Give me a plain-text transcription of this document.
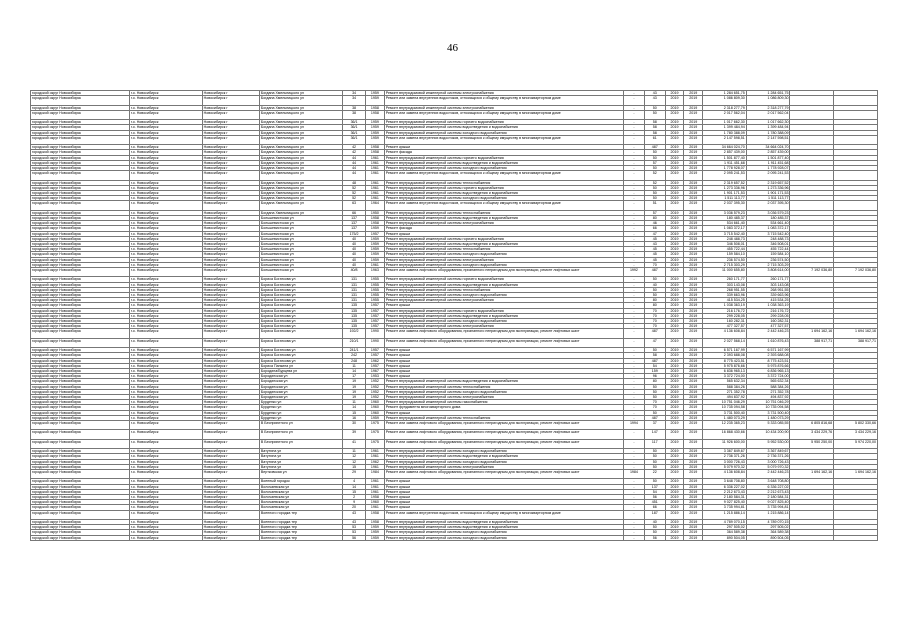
46
городской округ Новосибирск	г.о. Новосибирск	Новосибирск г	Богдана Хмельницкого ул	34	1959	Ремонт внутридомовой инженерной системы электроснабжения	-	43	2019	2019	1 284 651,75	1 284 651,75		
городской округ Новосибирск	г.о. Новосибирск	Новосибирск г	Богдана Хмельницкого ул	34	1959	Ремонт или замена внутренних водостоков, относящихся к общему имуществу в многоквартирном доме	-	43	2019	2019	1 086 809,30	1 086 809,30		
городской округ Новосибирск	г.о. Новосибирск	Новосибирск г	Богдана Хмельницкого ул	38	1958	Ремонт внутридомовой инженерной системы электроснабжения	-	50	2019	2019	2 318 277,79	2 318 277,79		
городской округ Новосибирск	г.о. Новосибирск	Новосибирск г	Богдана Хмельницкого ул	38	1958	Ремонт или замена внутренних водостоков, относящихся к общему имуществу в многоквартирном доме	-	50	2019	2019	2 017 562,04	2 017 562,04		
городской округ Новосибирск	г.о. Новосибирск	Новосибирск г	Богдана Хмельницкого ул	36/1	1959	Ремонт внутридомовой инженерной системы горячего водоснабжения	-	58	2019	2019	1 017 662,30	1 017 662,30		
городской округ Новосибирск	г.о. Новосибирск	Новосибирск г	Богдана Хмельницкого ул	36/1	1959	Ремонт внутридомовой инженерной системы водоотведения и водоснабжения	-	58	2019	2019	1 399 484,94	1 399 484,94		
городской округ Новосибирск	г.о. Новосибирск	Новосибирск г	Богдана Хмельницкого ул	36/1	1959	Ремонт внутридомовой инженерной системы холодного водоснабжения	-	58	2019	2019	1 780 388,09	1 780 388,09		
городской округ Новосибирск	г.о. Новосибирск	Новосибирск г	Богдана Хмельницкого ул	36/1	1959	Ремонт или замена внутренних водостоков, относящихся к общему имуществу в многоквартирном доме	-	61	2019	2019	2 147 598,51	2 147 598,51		
городской округ Новосибирск	г.о. Новосибирск	Новосибирск г	Богдана Хмельницкого ул	42	1958	Ремонт крыши	-	487	2019	2019	34 664 024,70	34 664 024,70		
городской округ Новосибирск	г.о. Новосибирск	Новосибирск г	Богдана Хмельницкого ул	42	1958	Ремонт фасада	-	50	2019	2019	2 857 439,00	2 857 439,00		
городской округ Новосибирск	г.о. Новосибирск	Новосибирск г	Богдана Хмельницкого ул	44	1961	Ремонт внутридомовой инженерной системы горячего водоснабжения	-	50	2019	2019	1 501 877,40	1 501 877,40		
городской округ Новосибирск	г.о. Новосибирск	Новосибирск г	Богдана Хмельницкого ул	44	1961	Ремонт внутридомовой инженерной системы водоотведения и водоснабжения	-	57	2019	2019	1 911 451,68	1 911 451,68		
городской округ Новосибирск	г.о. Новосибирск	Новосибирск г	Богдана Хмельницкого ул	44	1961	Ремонт внутридомовой инженерной системы холодного водоснабжения	-	50	2019	2019	1 778 928,07	1 778 928,07		
городской округ Новосибирск	г.о. Новосибирск	Новосибирск г	Богдана Хмельницкого ул	44	1961	Ремонт или замена внутренних водостоков, относящихся к общему имуществу в многоквартирном доме	-	52	2019	2019	2 095 241,53	2 095 241,53		
городской округ Новосибирск	г.о. Новосибирск	Новосибирск г	Богдана Хмельницкого ул	48	1961	Ремонт внутридомовой инженерной системы теплоснабжения	-	52	2019	2019	2 319 657,52	2 319 657,52		
городской округ Новосибирск	г.о. Новосибирск	Новосибирск г	Богдана Хмельницкого ул	52	1961	Ремонт внутридомовой инженерной системы горячего водоснабжения	-	50	2019	2019	1 273 336,96	1 273 336,96		
городской округ Новосибирск	г.о. Новосибирск	Новосибирск г	Богдана Хмельницкого ул	52	1961	Ремонт внутридомовой инженерной системы водоотведения и водоснабжения	-	50	2019	2019	1 901 171,53	1 901 171,53		
городской округ Новосибирск	г.о. Новосибирск	Новосибирск г	Богдана Хмельницкого ул	52	1961	Ремонт внутридомовой инженерной системы холодного водоснабжения	-	50	2019	2019	1 511 113,77	1 511 113,77		
городской округ Новосибирск	г.о. Новосибирск	Новосибирск г	Богдана Хмельницкого ул	63	1964	Ремонт или замена внутренних водостоков, относящихся к общему имуществу в многоквартирном доме	-	51	2019	2019	2 037 395,30	2 037 395,30		
городской округ Новосибирск	г.о. Новосибирск	Новосибирск г	Богдана Хмельницкого ул	66	1950	Ремонт внутридомовой инженерной системы теплоснабжения	-	57	2019	2019	3 036 579,23	3 036 579,23		
городской округ Новосибирск	г.о. Новосибирск	Новосибирск г	Большевистская ул	137	1958	Ремонт внутридомовой инженерной системы водоотведения и водоснабжения	-	80	2019	2019	180 485,37	180 485,37		
городской округ Новосибирск	г.о. Новосибирск	Новосибирск г	Большевистская ул	137	1958	Ремонт внутридомовой инженерной системы электроснабжения	-	46	2019	2019	534 661,40	534 661,40		
городской округ Новосибирск	г.о. Новосибирск	Новосибирск г	Большевистская ул	137	1959	Ремонт фасада	-	66	2019	2019	1 083 372,17	1 083 372,17		
городской округ Новосибирск	г.о. Новосибирск	Новосибирск г	Большевистская ул	175/2	1957	Ремонт крыши	-	47	2019	2019	3 715 542,40	3 715 542,40		
городской округ Новосибирск	г.о. Новосибирск	Новосибирск г	Большевистская ул	40	1959	Ремонт внутридомовой инженерной системы горячего водоснабжения	-	45	2019	2019	248 488,73	248 488,73		
городской округ Новосибирск	г.о. Новосибирск	Новосибирск г	Большевистская ул	40	1959	Ремонт внутридомовой инженерной системы водоотведения и водоснабжения	-	43	2019	2019	346 508,01	346 508,01		
городской округ Новосибирск	г.о. Новосибирск	Новосибирск г	Большевистская ул	40	1959	Ремонт внутридомовой инженерной системы теплоснабжения	-	45	2019	2019	455 722,44	455 722,44		
городской округ Новосибирск	г.о. Новосибирск	Новосибирск г	Большевистская ул	40	1959	Ремонт внутридомовой инженерной системы холодного водоснабжения	-	45	2019	2019	159 584,10	159 584,10		
городской округ Новосибирск	г.о. Новосибирск	Новосибирск г	Большевистская ул	40	1959	Ремонт внутридомовой инженерной системы электроснабжения	-	45	2019	2019	236 574,50	236 574,50		
городской округ Новосибирск	г.о. Новосибирск	Новосибирск г	Большевистская ул	40	1961	Ремонт внутридомовой инженерной системы холодного водоснабжения	-	70	2019	2019	2 715 303,29	2 715 303,29		
городской округ Новосибирск	г.о. Новосибирск	Новосибирск г	Большевистская ул	40/8	1963	Ремонт или замена лифтового оборудования, признанного непригодным для эксплуатации, ремонт лифтовых шахт	1992	487	2019	2019	11 000 655,80	3 808 614,00	7 192 036,80	7 192 036,80
городской округ Новосибирск	г.о. Новосибирск	Новосибирск г	Бориса Богаткова ул	131	1955	Ремонт внутридомовой инженерной системы горячего водоснабжения	-	50	2019	2019	260 171,77	260 171,77		
городской округ Новосибирск	г.о. Новосибирск	Новосибирск г	Бориса Богаткова ул	131	1955	Ремонт внутридомовой инженерной системы водоотведения и водоснабжения	-	40	2019	2019	303 143,08	303 143,08		
городской округ Новосибирск	г.о. Новосибирск	Новосибирск г	Бориса Богаткова ул	131	1955	Ремонт внутридомовой инженерной системы теплоснабжения	-	50	2019	2019	268 951,55	268 951,55		
городской округ Новосибирск	г.о. Новосибирск	Новосибирск г	Бориса Богаткова ул	131	1955	Ремонт внутридомовой инженерной системы холодного водоснабжения	-	50	2019	2019	339 663,96	339 663,96		
городской округ Новосибирск	г.о. Новосибирск	Новосибирск г	Бориса Богаткова ул	131	1955	Ремонт внутридомовой инженерной системы электроснабжения	-	80	2019	2019	415 534,25	415 534,25		
городской округ Новосибирск	г.о. Новосибирск	Новосибирск г	Бориса Богаткова ул	135	1957	Ремонт крыши	-	80	2019	2019	1 038 363,19	1 038 363,19		
городской округ Новосибирск	г.о. Новосибирск	Новосибирск г	Бориса Богаткова ул	135	1957	Ремонт внутридомовой инженерной системы горячего водоснабжения	-	70	2019	2019	216 176,72	216 176,72		
городской округ Новосибирск	г.о. Новосибирск	Новосибирск г	Бориса Богаткова ул	135	1957	Ремонт внутридомовой инженерной системы водоотведения и водоснабжения	-	70	2019	2019	299 228,05	299 228,05		
городской округ Новосибирск	г.о. Новосибирск	Новосибирск г	Бориса Богаткова ул	135	1957	Ремонт внутридомовой инженерной системы холодного водоснабжения	-	70	2019	2019	160 282,31	160 282,31		
городской округ Новосибирск	г.о. Новосибирск	Новосибирск г	Бориса Богаткова ул	135	1957	Ремонт внутридомовой инженерной системы электроснабжения	-	70	2019	2019	477 327,57	477 327,57		
городской округ Новосибирск	г.о. Новосибирск	Новосибирск г	Бориса Богаткова ул	192/2	1990	Ремонт или замена лифтового оборудования, признанного непригодным для эксплуатации, ремонт лифтовых шахт	-	487	2019	2019	4 136 608,84	2 442 446,23	1 694 162,16	1 694 162,16
городской округ Новосибирск	г.о. Новосибирск	Новосибирск г	Бориса Богаткова ул	210/1	1990	Ремонт или замена лифтового оборудования, признанного непригодным для эксплуатации, ремонт лифтовых шахт	-	47	2019	2019	2 027 568,14	1 610 876,43	388 917,71	388 917,71
городской округ Новосибирск	г.о. Новосибирск	Новосибирск г	Бориса Богаткова ул	241/1	1957	Ремонт крыши	-	50	2019	2019	6 571 167,99	6 571 167,99		
городской округ Новосибирск	г.о. Новосибирск	Новосибирск г	Бориса Богаткова ул	242	1957	Ремонт крыши	-	58	2019	2019	2 393 688,08	2 393 688,08		
городской округ Новосибирск	г.о. Новосибирск	Новосибирск г	Бориса Богаткова ул	248	1962	Ремонт крыши	-	487	2019	2019	8 775 423,51	8 775 423,51		
городской округ Новосибирск	г.о. Новосибирск	Новосибирск г	Бориса Панкина ул	11	1957	Ремонт крыши	-	54	2019	2019	5 975 876,66	5 975 876,66		
городской округ Новосибирск	г.о. Новосибирск	Новосибирск г	Бородина/Бурцева ул	14	1967	Ремонт крыши	-	159	2019	2019	6 836 965,13	6 836 965,13		
городской округ Новосибирск	г.о. Новосибирск	Новосибирск г	Бородинская ул	17	1953	Ремонт крыши	-	96	2019	2019	3 372 724,00	3 372 724,00		
городской округ Новосибирск	г.о. Новосибирск	Новосибирск г	Бородинская ул	19	1952	Ремонт внутридомовой инженерной системы водоотведения и водоснабжения	-	80	2019	2019	565 632,34	565 632,34		
городской округ Новосибирск	г.о. Новосибирск	Новосибирск г	Бородинская ул	19	1952	Ремонт внутридомовой инженерной системы теплоснабжения	-	50	2019	2019	588 384,26	588 384,26		
городской округ Новосибирск	г.о. Новосибирск	Новосибирск г	Бородинская ул	19	1952	Ремонт внутридомовой инженерной системы холодного водоснабжения	-	50	2019	2019	271 352,78	271 352,78		
городской округ Новосибирск	г.о. Новосибирск	Новосибирск г	Бородинская ул	19	1952	Ремонт внутридомовой инженерной системы электроснабжения	-	50	2019	2019	494 837,92	494 837,92		
городской округ Новосибирск	г.о. Новосибирск	Новосибирск г	Бурденко ул	11	1960	Ремонт внутридомовой инженерной системы газоснабжения	-	70	2019	2019	10 751 046,29	10 751 046,29		
городской округ Новосибирск	г.о. Новосибирск	Новосибирск г	Бурденко ул	14	1960	Ремонт фундамента многоквартирного дома	-	70	2019	2019	10 735 094,58	10 735 094,58		
городской округ Новосибирск	г.о. Новосибирск	Новосибирск г	Бурденко ул	15	1960	Ремонт крыши	-	50	2019	2019	3 731 500,40	3 731 500,40		
городской округ Новосибирск	г.о. Новосибирск	Новосибирск г	Бурденко ул	16	1959	Ремонт внутридомовой инженерной системы теплоснабжения	-	487	2019	2019	1 480 073,29	1 480 073,29		
городской округ Новосибирск	г.о. Новосибирск	Новосибирск г	В Бесприютного ул	30	1975	Ремонт или замена лифтового оборудования, признанного непригодным для эксплуатации, ремонт лифтовых шахт	1994	37	2019	2019	12 235 365,23	5 333 085,55	6 805 816,68	5 802 330,66
городской округ Новосибирск	г.о. Новосибирск	Новосибирск г	В Бесприютного ул	39	1975	Ремонт или замена лифтового оборудования, признанного непригодным для эксплуатации, ремонт лифтовых шахт	-	147	2019	2019	16 868 430,66	10 434 200,90	3 434 229,76	3 434 229,16
городской округ Новосибирск	г.о. Новосибирск	Новосибирск г	В Бесприютного ул	41	1975	Ремонт или замена лифтового оборудования, признанного непригодным для эксплуатации, ремонт лифтовых шахт	-	117	2019	2019	11 926 600,00	5 952 530,00	5 950 250,00	5 974 220,00
городской округ Новосибирск	г.о. Новосибирск	Новосибирск г	Ватутина ул	11	1961	Ремонт внутридомовой инженерной системы холодного водоснабжения	-	50	2019	2019	3 367 849,67	3 367 849,67		
городской округ Новосибирск	г.о. Новосибирск	Новосибирск г	Ватутина ул	12	1961	Ремонт внутридомовой инженерной системы водоотведения и водоснабжения	-	50	2019	2019	2 736 371,26	2 736 371,26		
городской округ Новосибирск	г.о. Новосибирск	Новосибирск г	Ватутина ул	12	1962	Ремонт внутридомовой инженерной системы холодного водоснабжения	-	50	2019	2019	3 000 726,43	3 000 726,43		
городской округ Новосибирск	г.о. Новосибирск	Новосибирск г	Ватутина ул	15	1961	Ремонт внутридомовой инженерной системы электроснабжения	-	50	2019	2019	5 079 970,32	5 079 970,32		
городской округ Новосибирск	г.о. Новосибирск	Новосибирск г	Вертковская ул	29	1984	Ремонт или замена лифтового оборудования, признанного непригодным для эксплуатации, ремонт лифтовых шахт	1984	22	2019	2019	4 136 608,84	2 442 446,23	1 694 162,16	1 694 162,16
городской округ Новосибирск	г.о. Новосибирск	Новосибирск г	Военный городок	4	1961	Ремонт крыши	-	50	2019	2019	3 648 708,80	3 648 708,80		
городской округ Новосибирск	г.о. Новосибирск	Новосибирск г	Волочаевская ул	14	1961	Ремонт крыши	-	137	2019	2019	6 336 227,02	6 336 227,02		
городской округ Новосибирск	г.о. Новосибирск	Новосибирск г	Волочаевская ул	15	1961	Ремонт крыши	-	54	2019	2019	2 212 673,43	2 212 673,43		
городской округ Новосибирск	г.о. Новосибирск	Новосибирск г	Волочаевская ул	2	1958	Ремонт крыши	-	56	2019	2019	2 180 584,31	2 180 584,31		
городской округ Новосибирск	г.о. Новосибирск	Новосибирск г	Волочаевская ул	9	1960	Ремонт крыши	-	451	2019	2019	9 027 825,40	9 027 825,40		
городской округ Новосибирск	г.о. Новосибирск	Новосибирск г	Волочаевская ул	20	1961	Ремонт крыши	-	66	2019	2019	3 735 994,81	3 735 994,81		
городской округ Новосибирск	г.о. Новосибирск	Новосибирск г	Военного городка тер	43	1958	Ремонт или замена внутренних водостоков, относящихся к общему имуществу в многоквартирном доме	-	187	2019	2019	1 215 886,14	1 215 886,14		
городской округ Новосибирск	г.о. Новосибирск	Новосибирск г	Военного городка тер	43	1958	Ремонт внутридомовой инженерной системы водоотведения и водоснабжения	-	40	2019	2019	4 789 070,15	4 789 070,15		
городской округ Новосибирск	г.о. Новосибирск	Новосибирск г	Военного городка тер	53	1959	Ремонт внутридомовой инженерной системы водоотведения и водоснабжения	-	50	2019	2019	297 505,02	297 505,02		
городской округ Новосибирск	г.о. Новосибирск	Новосибирск г	Военного городка тер	53	1959	Ремонт внутридомовой инженерной системы холодного водоснабжения	-	50	2019	2019	364 589,38	364 589,38		
городской округ Новосибирск	г.о. Новосибирск	Новосибирск г	Военного городка тер	56	1959	Ремонт внутридомовой инженерной системы холодного водоснабжения	-	56	2019	2019	890 504,05	890 504,05		
